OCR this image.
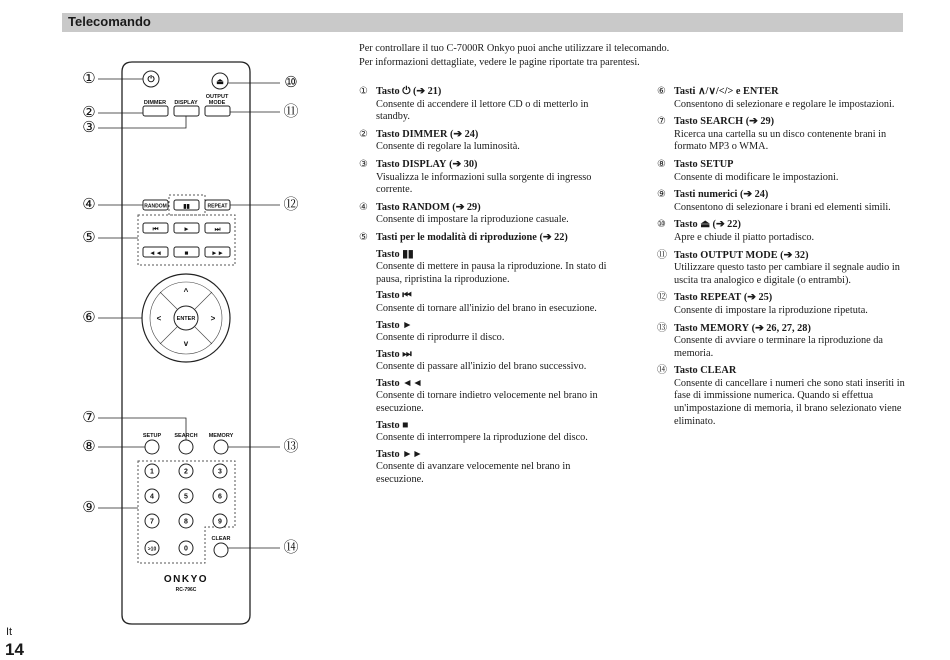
Telecomando
⏻	⏏
DIMMER DISPLAY
OUTPUT
MODE
RANDOM	▮▮	REPEAT
⏮	►	⏭
◄◄	■	►►
ENTER
^
v
<	>
SETUP SEARCH MEMORY
1	2	3
4	5	6
7	8	9
>10	0
CLEAR
ONKYO
RC-796C
①
②
③
④
⑤
⑥
⑦
⑧
⑨
⑩
⑪
⑫
⑬
⑭
Per controllare il tuo C-7000R Onkyo puoi anche utilizzare il telecomando.
Per informazioni dettagliate, vedere le pagine riportate tra parentesi.
① Tasto ⏻ (➔ 21)
Consente di accendere il lettore CD o di metterlo in standby.
② Tasto DIMMER (➔ 24)
Consente di regolare la luminosità.
③ Tasto DISPLAY (➔ 30)
Visualizza le informazioni sulla sorgente di ingresso corrente.
④ Tasto RANDOM (➔ 29)
Consente di impostare la riproduzione casuale.
⑤ Tasti per le modalità di riproduzione (➔ 22)
Tasto ▮▮
Consente di mettere in pausa la riproduzione. In stato di pausa, ripristina la riproduzione.
Tasto ⏮
Consente di tornare all'inizio del brano in esecuzione.
Tasto ►
Consente di riprodurre il disco.
Tasto ⏭
Consente di passare all'inizio del brano successivo.
Tasto ◄◄
Consente di tornare indietro velocemente nel brano in esecuzione.
Tasto ■
Consente di interrompere la riproduzione del disco.
Tasto ►►
Consente di avanzare velocemente nel brano in esecuzione.
⑥ Tasti ∧/∨/</> e ENTER
Consentono di selezionare e regolare le impostazioni.
⑦ Tasto SEARCH (➔ 29)
Ricerca una cartella su un disco contenente brani in formato MP3 o WMA.
⑧ Tasto SETUP
Consente di modificare le impostazioni.
⑨ Tasti numerici (➔ 24)
Consentono di selezionare i brani ed elementi simili.
⑩ Tasto ⏏ (➔ 22)
Apre e chiude il piatto portadisco.
⑪ Tasto OUTPUT MODE (➔ 32)
Utilizzare questo tasto per cambiare il segnale audio in uscita tra analogico e digitale (o entrambi).
⑫ Tasto REPEAT (➔ 25)
Consente di impostare la riproduzione ripetuta.
⑬ Tasto MEMORY (➔ 26, 27, 28)
Consente di avviare o terminare la riproduzione da memoria.
⑭ Tasto CLEAR
Consente di cancellare i numeri che sono stati inseriti in fase di immissione numerica. Quando si effettua un'impostazione di memoria, il brano selezionato viene eliminato.
It
14
